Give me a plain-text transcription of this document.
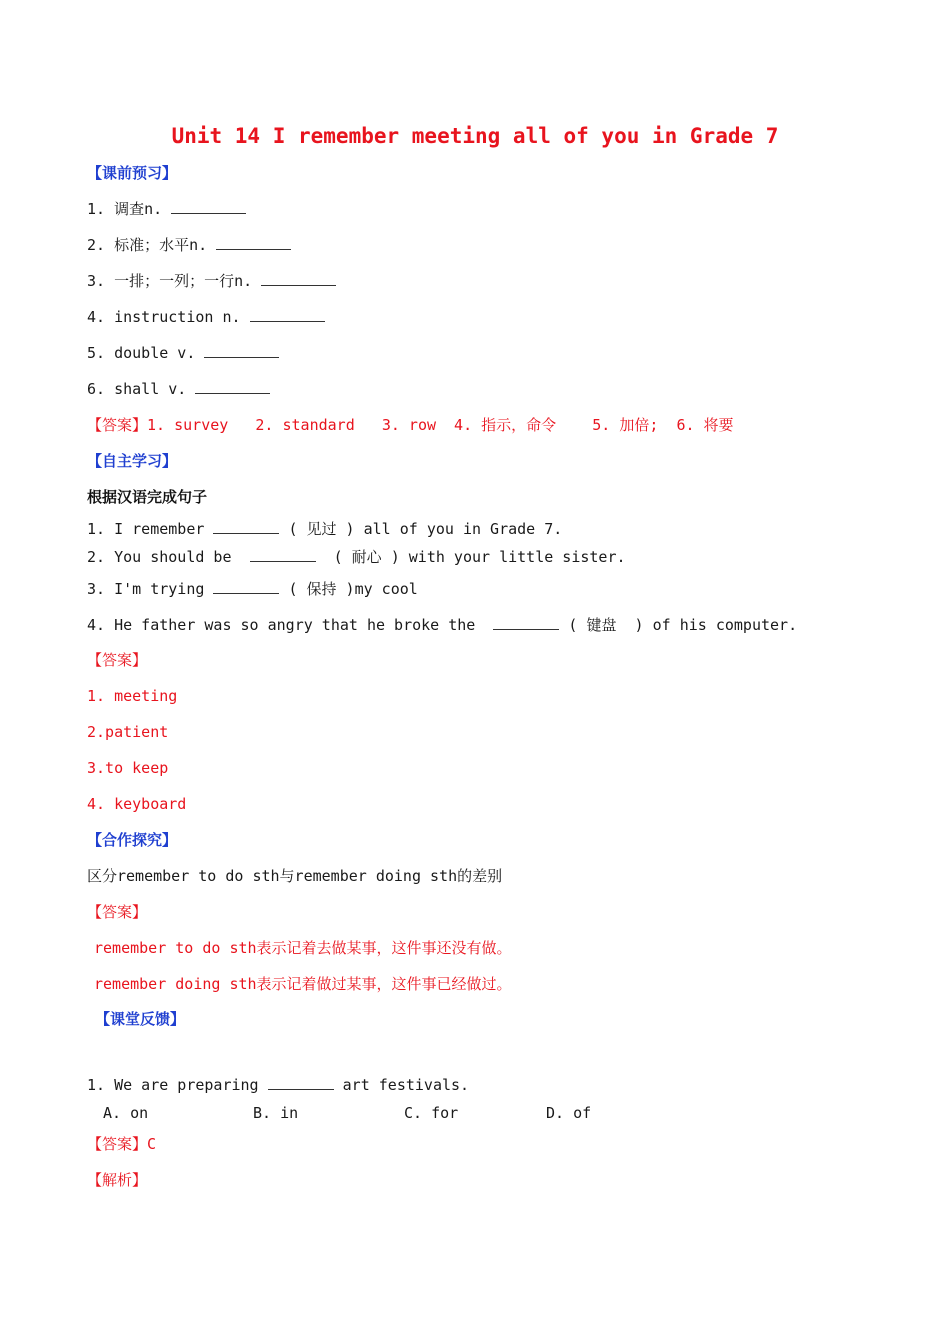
Unit 14 I remember meeting all of you in Grade 7
【课前预习】
1. 调查n.
2. 标准；水平n.
3. 一排；一列；一行n.
4. instruction n.
5. double v.
6. shall v.
【答案】1. survey   2. standard   3. row  4. 指示，命令    5. 加倍;  6. 将要
【自主学习】
根据汉语完成句子
1. I remember	( 见过 ) all of you in Grade 7.
2. You should be	( 耐心 ) with your little sister.
3. I'm trying	( 保持 )my cool
4. He father was so angry that he broke the	( 键盘  ) of his computer.
【答案】
1. meeting
2.patient
3.to keep
4. keyboard
【合作探究】
区分remember to do sth与remember doing sth的差别
【答案】
remember to do sth表示记着去做某事，这件事还没有做。
remember doing sth表示记着做过某事，这件事已经做过。
【课堂反馈】
1. We are preparing	art festivals.
A. on	B. in	C. for	D. of
【答案】C
【解析】
